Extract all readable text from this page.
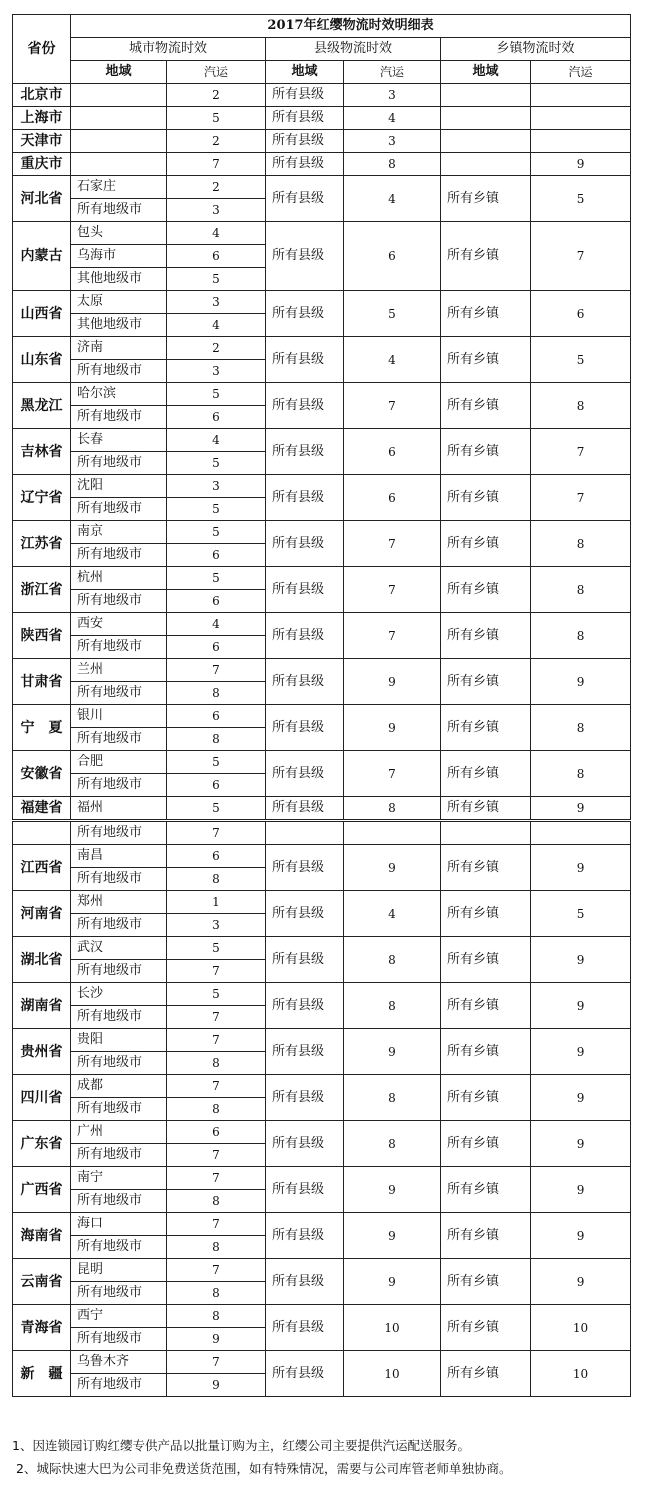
省份	2017年红缨物流时效明细表					
	城市物流时效		县级物流时效		乡镇物流时效	
	地域	汽运	地域	汽运	地域	汽运
北京市		2	所有县级	3		
上海市		5	所有县级	4		
天津市		2	所有县级	3		
重庆市		7	所有县级	8		9
河北省	石家庄	2	所有县级	4	所有乡镇	5
	所有地级市	3				
内蒙古	包头	4	所有县级	6	所有乡镇	7
	乌海市	6				
	其他地级市	5				
山西省	太原	3	所有县级	5	所有乡镇	6
	其他地级市	4				
山东省	济南	2	所有县级	4	所有乡镇	5
	所有地级市	3				
黑龙江	哈尔滨	5	所有县级	7	所有乡镇	8
	所有地级市	6				
吉林省	长春	4	所有县级	6	所有乡镇	7
	所有地级市	5				
辽宁省	沈阳	3	所有县级	6	所有乡镇	7
	所有地级市	5				
江苏省	南京	5	所有县级	7	所有乡镇	8
	所有地级市	6				
浙江省	杭州	5	所有县级	7	所有乡镇	8
	所有地级市	6				
陕西省	西安	4	所有县级	7	所有乡镇	8
	所有地级市	6				
甘肃省	兰州	7	所有县级	9	所有乡镇	9
	所有地级市	8				
宁　夏	银川	6	所有县级	9	所有乡镇	8
	所有地级市	8				
安徽省	合肥	5	所有县级	7	所有乡镇	8
	所有地级市	6				
福建省	福州	5	所有县级	8	所有乡镇	9
	所有地级市	7				
江西省	南昌	6	所有县级	9	所有乡镇	9
	所有地级市	8				
河南省	郑州	1	所有县级	4	所有乡镇	5
	所有地级市	3				
湖北省	武汉	5	所有县级	8	所有乡镇	9
	所有地级市	7				
湖南省	长沙	5	所有县级	8	所有乡镇	9
	所有地级市	7				
贵州省	贵阳	7	所有县级	9	所有乡镇	9
	所有地级市	8				
四川省	成都	7	所有县级	8	所有乡镇	9
	所有地级市	8				
广东省	广州	6	所有县级	8	所有乡镇	9
	所有地级市	7				
广西省	南宁	7	所有县级	9	所有乡镇	9
	所有地级市	8				
海南省	海口	7	所有县级	9	所有乡镇	9
	所有地级市	8				
云南省	昆明	7	所有县级	9	所有乡镇	9
	所有地级市	8				
青海省	西宁	8	所有县级	10	所有乡镇	10
	所有地级市	9				
新　疆	乌鲁木齐	7	所有县级	10	所有乡镇	10
	所有地级市	9				
1、因连锁园订购红缨专供产品以批量订购为主，红缨公司主要提供汽运配送服务。
2、城际快速大巴为公司非免费送货范围，如有特殊情况，需要与公司库管老师单独协商。
